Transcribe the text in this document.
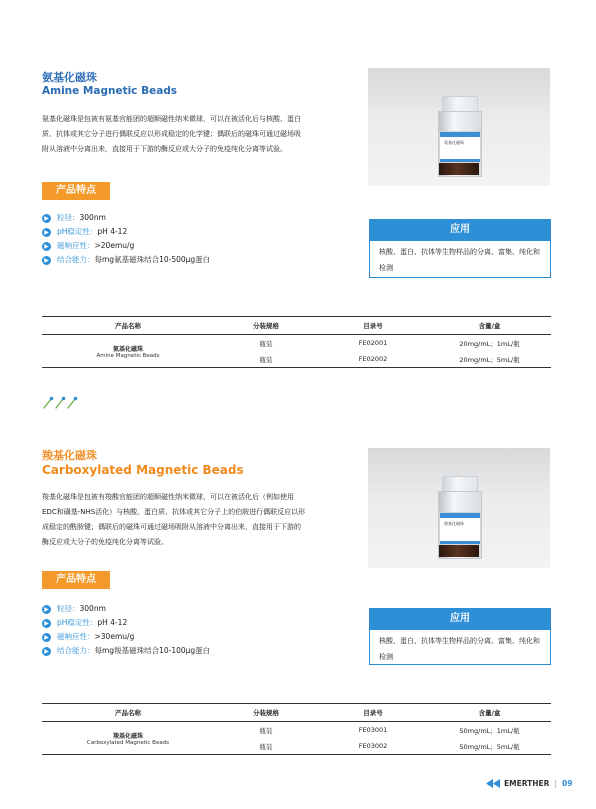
氨基化磁珠
Amine Magnetic Beads
氨基化磁珠是包被有氨基官能团的超顺磁性纳米微球，可以在被活化后与核酸、蛋白
质、抗体或其它分子进行偶联反应以形成稳定的化学键；偶联后的磁珠可通过磁场吸
附从溶液中分离出来，直接用于下游的酶反应或大分子的免疫纯化分离等试验。
氨基化磁珠
产品特点
▶ 粒径 ： 300nm
▶ pH稳定性 ： pH 4-12
▶ 磁响应性 ： >20emu/g
▶ 结合能力 ： 每mg氨基磁珠结合10-500μg蛋白
应用
核酸、蛋白、抗体等生物样品的分离、富集、纯化和检测
产品名称	分装规格	目录号	含量/盒

氨基化磁珠
Amine Magnetic Beads	瓶装	FE02001	20mg/mL；1mL/瓶
	瓶装	FE02002	20mg/mL；5mL/瓶
羧基化磁珠
Carboxylated Magnetic Beads
羧基化磁珠是包被有羧酸官能团的超顺磁性纳米微球，可以在被活化后（例如使用
EDC和磺基-NHS活化）与核酸、蛋白质、抗体或其它分子上的伯胺进行偶联反应以形
成稳定的酰胺键；偶联后的磁珠可通过磁场吸附从溶液中分离出来，直接用于下游的
酶反应或大分子的免疫纯化分离等试验。
羧基化磁珠
产品特点
▶ 粒径 ： 300nm
▶ pH稳定性 ： pH 4-12
▶ 磁响应性 ： >30emu/g
▶ 结合能力 ： 每mg羧基磁珠结合10-100μg蛋白
应用
核酸、蛋白、抗体等生物样品的分离、富集、纯化和检测
产品名称	分装规格	目录号	含量/盒

羧基化磁珠
Carboxylated Magnetic Beads	瓶装	FE03001	50mg/mL；1mL/瓶
	瓶装	FE03002	50mg/mL；5mL/瓶
EMERTHER | 09
